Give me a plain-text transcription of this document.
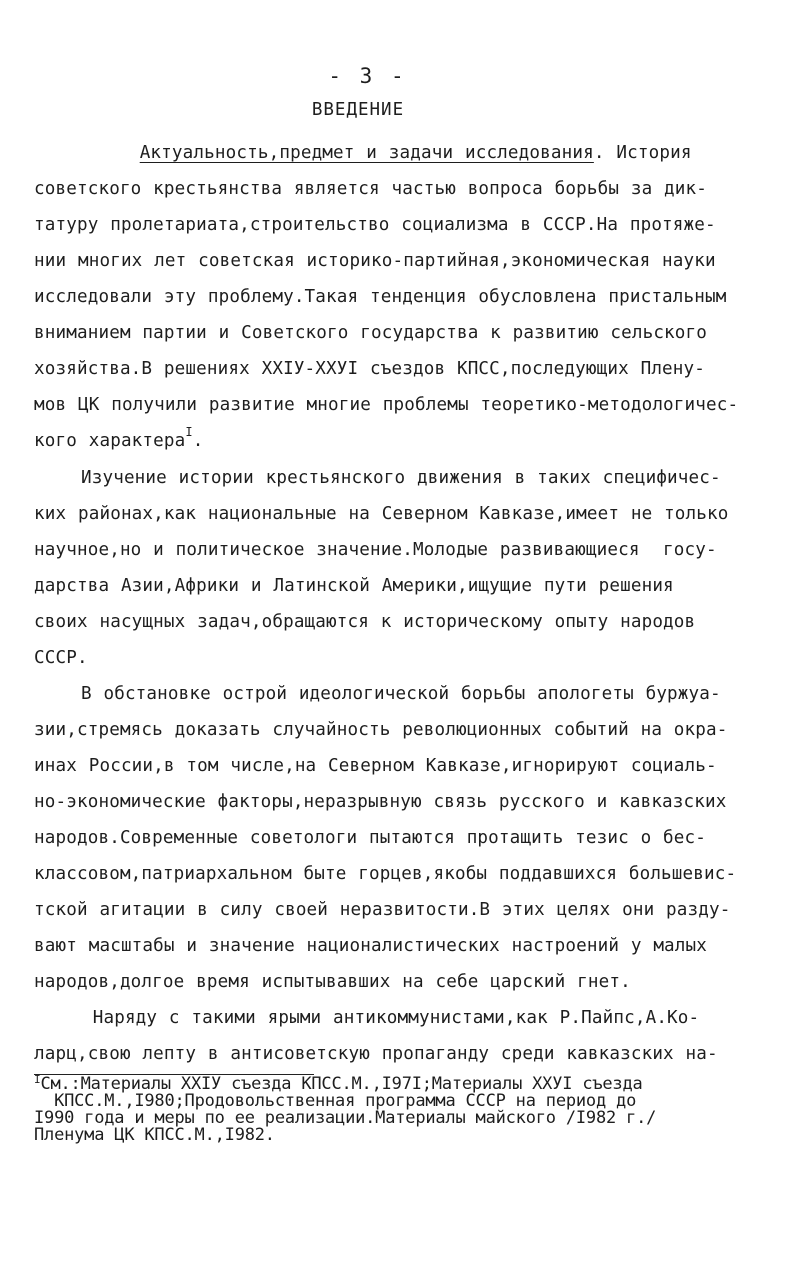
- 3 -
ВВЕДЕНИЕ
Актуальность,предмет и задачи исследования. История
советского крестьянства является частью вопроса борьбы за дик-
татуру пролетариата,строительство социализма в СССР.На протяже-
нии многих лет советская историко-партийная,экономическая науки
исследовали эту проблему.Такая тенденция обусловлена пристальным
вниманием партии и Советского государства к развитию сельского
хозяйства.В решениях ХХIУ-ХХУI съездов КПСС,последующих Плену-
мов ЦК получили развитие многие проблемы теоретико-методологичес-
кого характера$^I$.
Изучение истории крестьянского движения в таких специфичес-
ких районах,как национальные на Северном Кавказе,имеет не только
научное,но и политическое значение.Молодые развивающиеся  госу-
дарства Азии,Африки и Латинской Америки,ищущие пути решения
своих насущных задач,обращаются к историческому опыту народов
СССР.
В обстановке острой идеологической борьбы апологеты буржуа-
зии,стремясь доказать случайность революционных событий на окра-
инах России,в том числе,на Северном Кавказе,игнорируют социаль-
но-экономические факторы,неразрывную связь русского и кавказских
народов.Современные советологи пытаются протащить тезис о бес-
классовом,патриархальном быте горцев,якобы поддавшихся большевис-
тской агитации в силу своей неразвитости.В этих целях они разду-
вают масштабы и значение националистических настроений у малых
народов,долгое время испытывавших на себе царский гнет.
Наряду с такими ярыми антикоммунистами,как Р.Пайпс,А.Ко-
ларц,свою лепту в антисоветскую пропаганду среди кавказских на-
$^I$См.:Материалы ХХIУ съезда КПСС.М.,I97I;Материалы ХХУI съезда
КПСС.М.,I980;Продовольственная программа СССР на период до
I990 года и меры по ее реализации.Материалы майского /I982 г./
Пленума ЦК КПСС.М.,I982.
